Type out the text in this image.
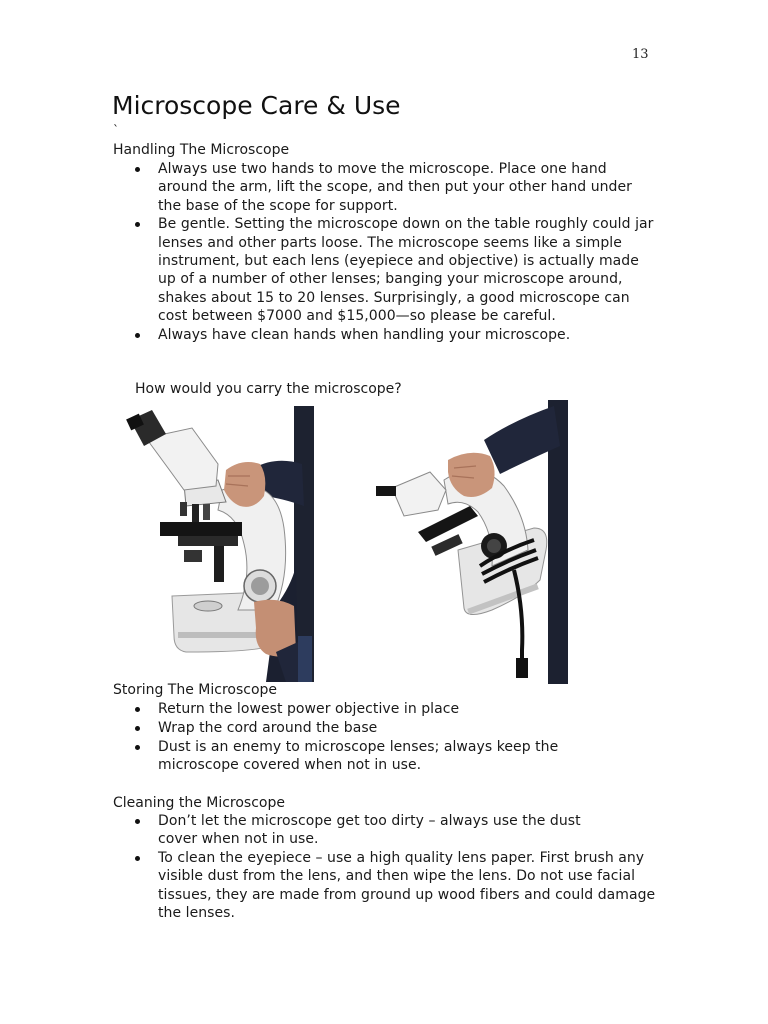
13
Microscope Care & Use
`
Handling The Microscope
Always use two hands to move the microscope. Place one hand around the arm, lift the scope, and then put your other hand under the base of the scope for support.
Be gentle. Setting the microscope down on the table roughly could jar lenses and other parts loose. The microscope seems like a simple instrument, but each lens (eyepiece and objective) is actually made up of a number of other lenses; banging your microscope around, shakes about 15 to 20 lenses. Surprisingly, a good microscope can cost between $7000 and $15,000—so please be careful.
Always have clean hands when handling your microscope.

How would you carry the microscope?

Storing The Microscope
Return the lowest power objective in place
Wrap the cord around the base
Dust is an enemy to microscope lenses; always keep the microscope covered when not in use.
Cleaning the Microscope
Don’t let the microscope get too dirty – always use the dust cover when not in use.
To clean the eyepiece – use a high quality lens paper. First brush any visible dust from the lens, and then wipe the lens. Do not use facial tissues, they are made from ground up wood fibers and could damage the lenses.
